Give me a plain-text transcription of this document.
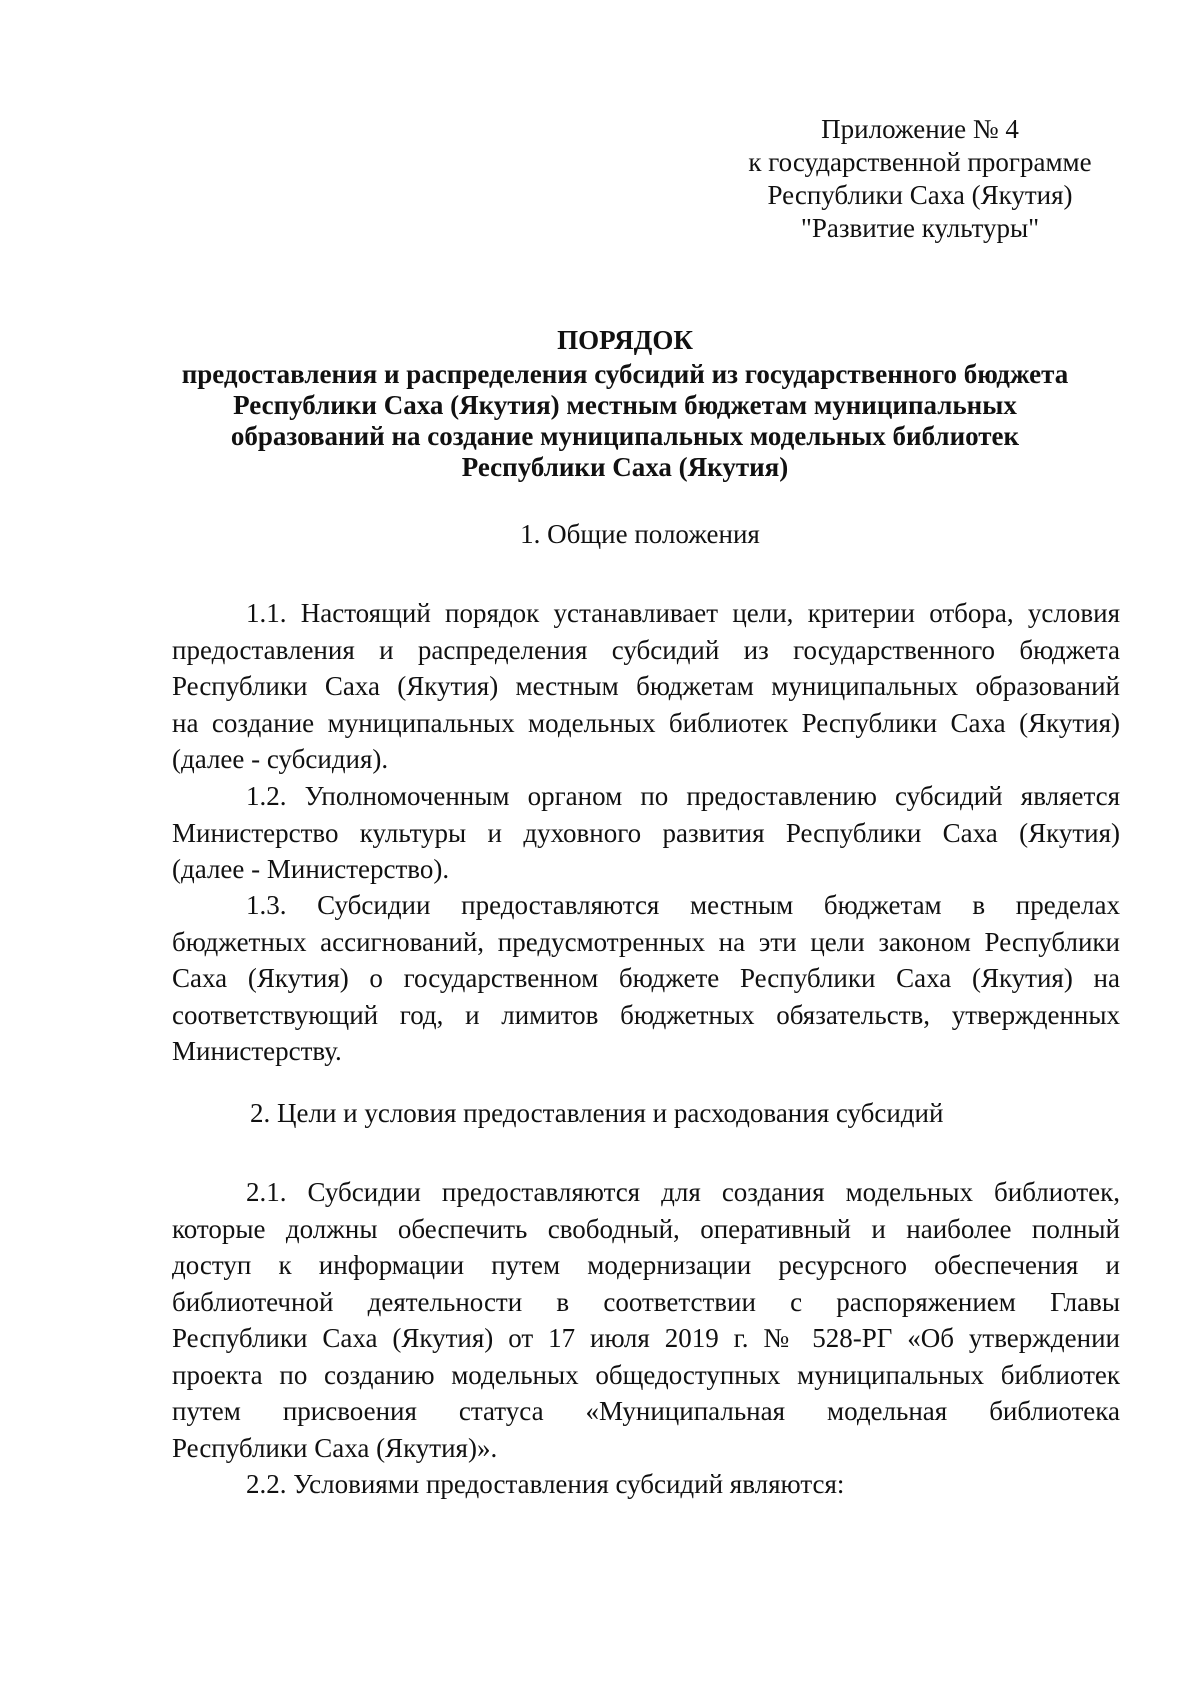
Приложение № 4
к государственной программе
Республики Саха (Якутия)
"Развитие культуры"
ПОРЯДОК
предоставления и распределения субсидий из государственного бюджета
Республики Саха (Якутия) местным бюджетам муниципальных
образований на создание муниципальных модельных библиотек
Республики Саха (Якутия)
1. Общие положения
1.1. Настоящий порядок устанавливает цели, критерии отбора, условия
предоставления и распределения субсидий из государственного бюджета
Республики Саха (Якутия) местным бюджетам муниципальных образований
на создание муниципальных модельных библиотек Республики Саха (Якутия)
(далее - субсидия).
1.2. Уполномоченным органом по предоставлению субсидий является
Министерство культуры и духовного развития Республики Саха (Якутия)
(далее - Министерство).
1.3. Субсидии предоставляются местным бюджетам в пределах
бюджетных ассигнований, предусмотренных на эти цели законом Республики
Саха (Якутия) о государственном бюджете Республики Саха (Якутия) на
соответствующий год, и лимитов бюджетных обязательств, утвержденных
Министерству.
2. Цели и условия предоставления и расходования субсидий
2.1. Субсидии предоставляются для создания модельных библиотек,
которые должны обеспечить свободный, оперативный и наиболее полный
доступ к информации путем модернизации ресурсного обеспечения и
библиотечной деятельности в соответствии с распоряжением Главы
Республики Саха (Якутия) от 17 июля 2019 г. № 528-РГ «Об утверждении
проекта по созданию модельных общедоступных муниципальных библиотек
путем присвоения статуса «Муниципальная модельная библиотека
Республики Саха (Якутия)».
2.2. Условиями предоставления субсидий являются:
